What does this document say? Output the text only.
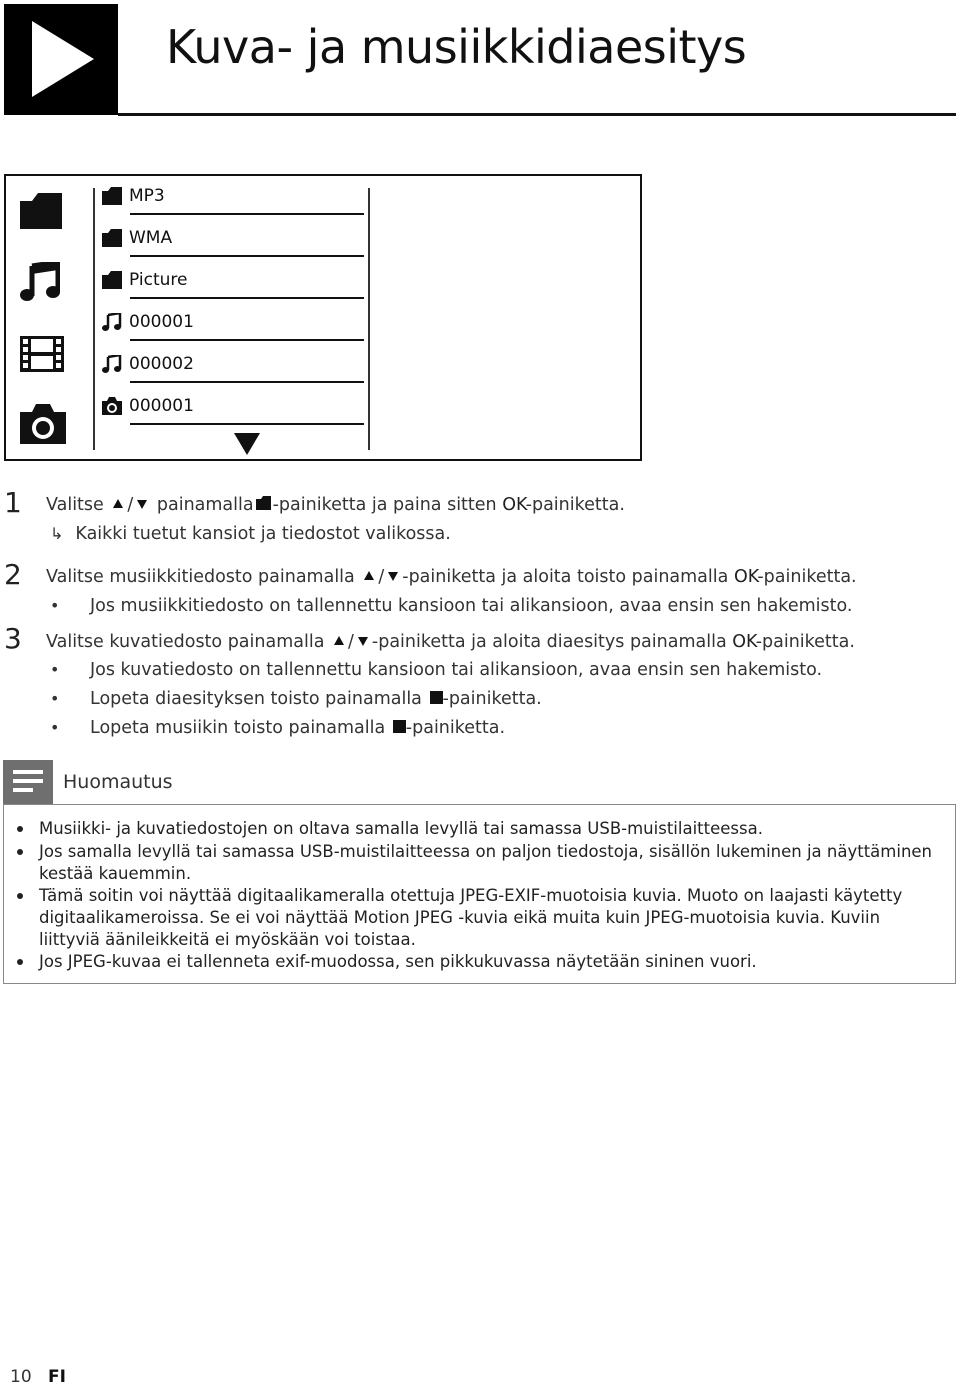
Kuva- ja musiikkidiaesitys
MP3
WMA
Picture
000001
000002
000001
1 Valitse / painamalla -painiketta ja paina sitten OK-painiketta.
↳ Kaikki tuetut kansiot ja tiedostot valikossa.
2 Valitse musiikkitiedosto painamalla / -painiketta ja aloita toisto painamalla OK-painiketta.
• Jos musiikkitiedosto on tallennettu kansioon tai alikansioon, avaa ensin sen hakemisto.
3 Valitse kuvatiedosto painamalla / -painiketta ja aloita diaesitys painamalla OK-painiketta.
• Jos kuvatiedosto on tallennettu kansioon tai alikansioon, avaa ensin sen hakemisto.
• Lopeta diaesityksen toisto painamalla -painiketta.
• Lopeta musiikin toisto painamalla -painiketta.
Huomautus
Musiikki- ja kuvatiedostojen on oltava samalla levyllä tai samassa USB-muistilaitteessa.
Jos samalla levyllä tai samassa USB-muistilaitteessa on paljon tiedostoja, sisällön lukeminen ja näyttäminen kestää kauemmin.
Tämä soitin voi näyttää digitaalikameralla otettuja JPEG-EXIF-muotoisia kuvia. Muoto on laajasti käytetty digitaalikameroissa. Se ei voi näyttää Motion JPEG -kuvia eikä muita kuin JPEG-muotoisia kuvia. Kuviin liittyviä äänileikkeitä ei myöskään voi toistaa.
Jos JPEG-kuvaa ei tallenneta exif-muodossa, sen pikkukuvassa näytetään sininen vuori.
10 FI
